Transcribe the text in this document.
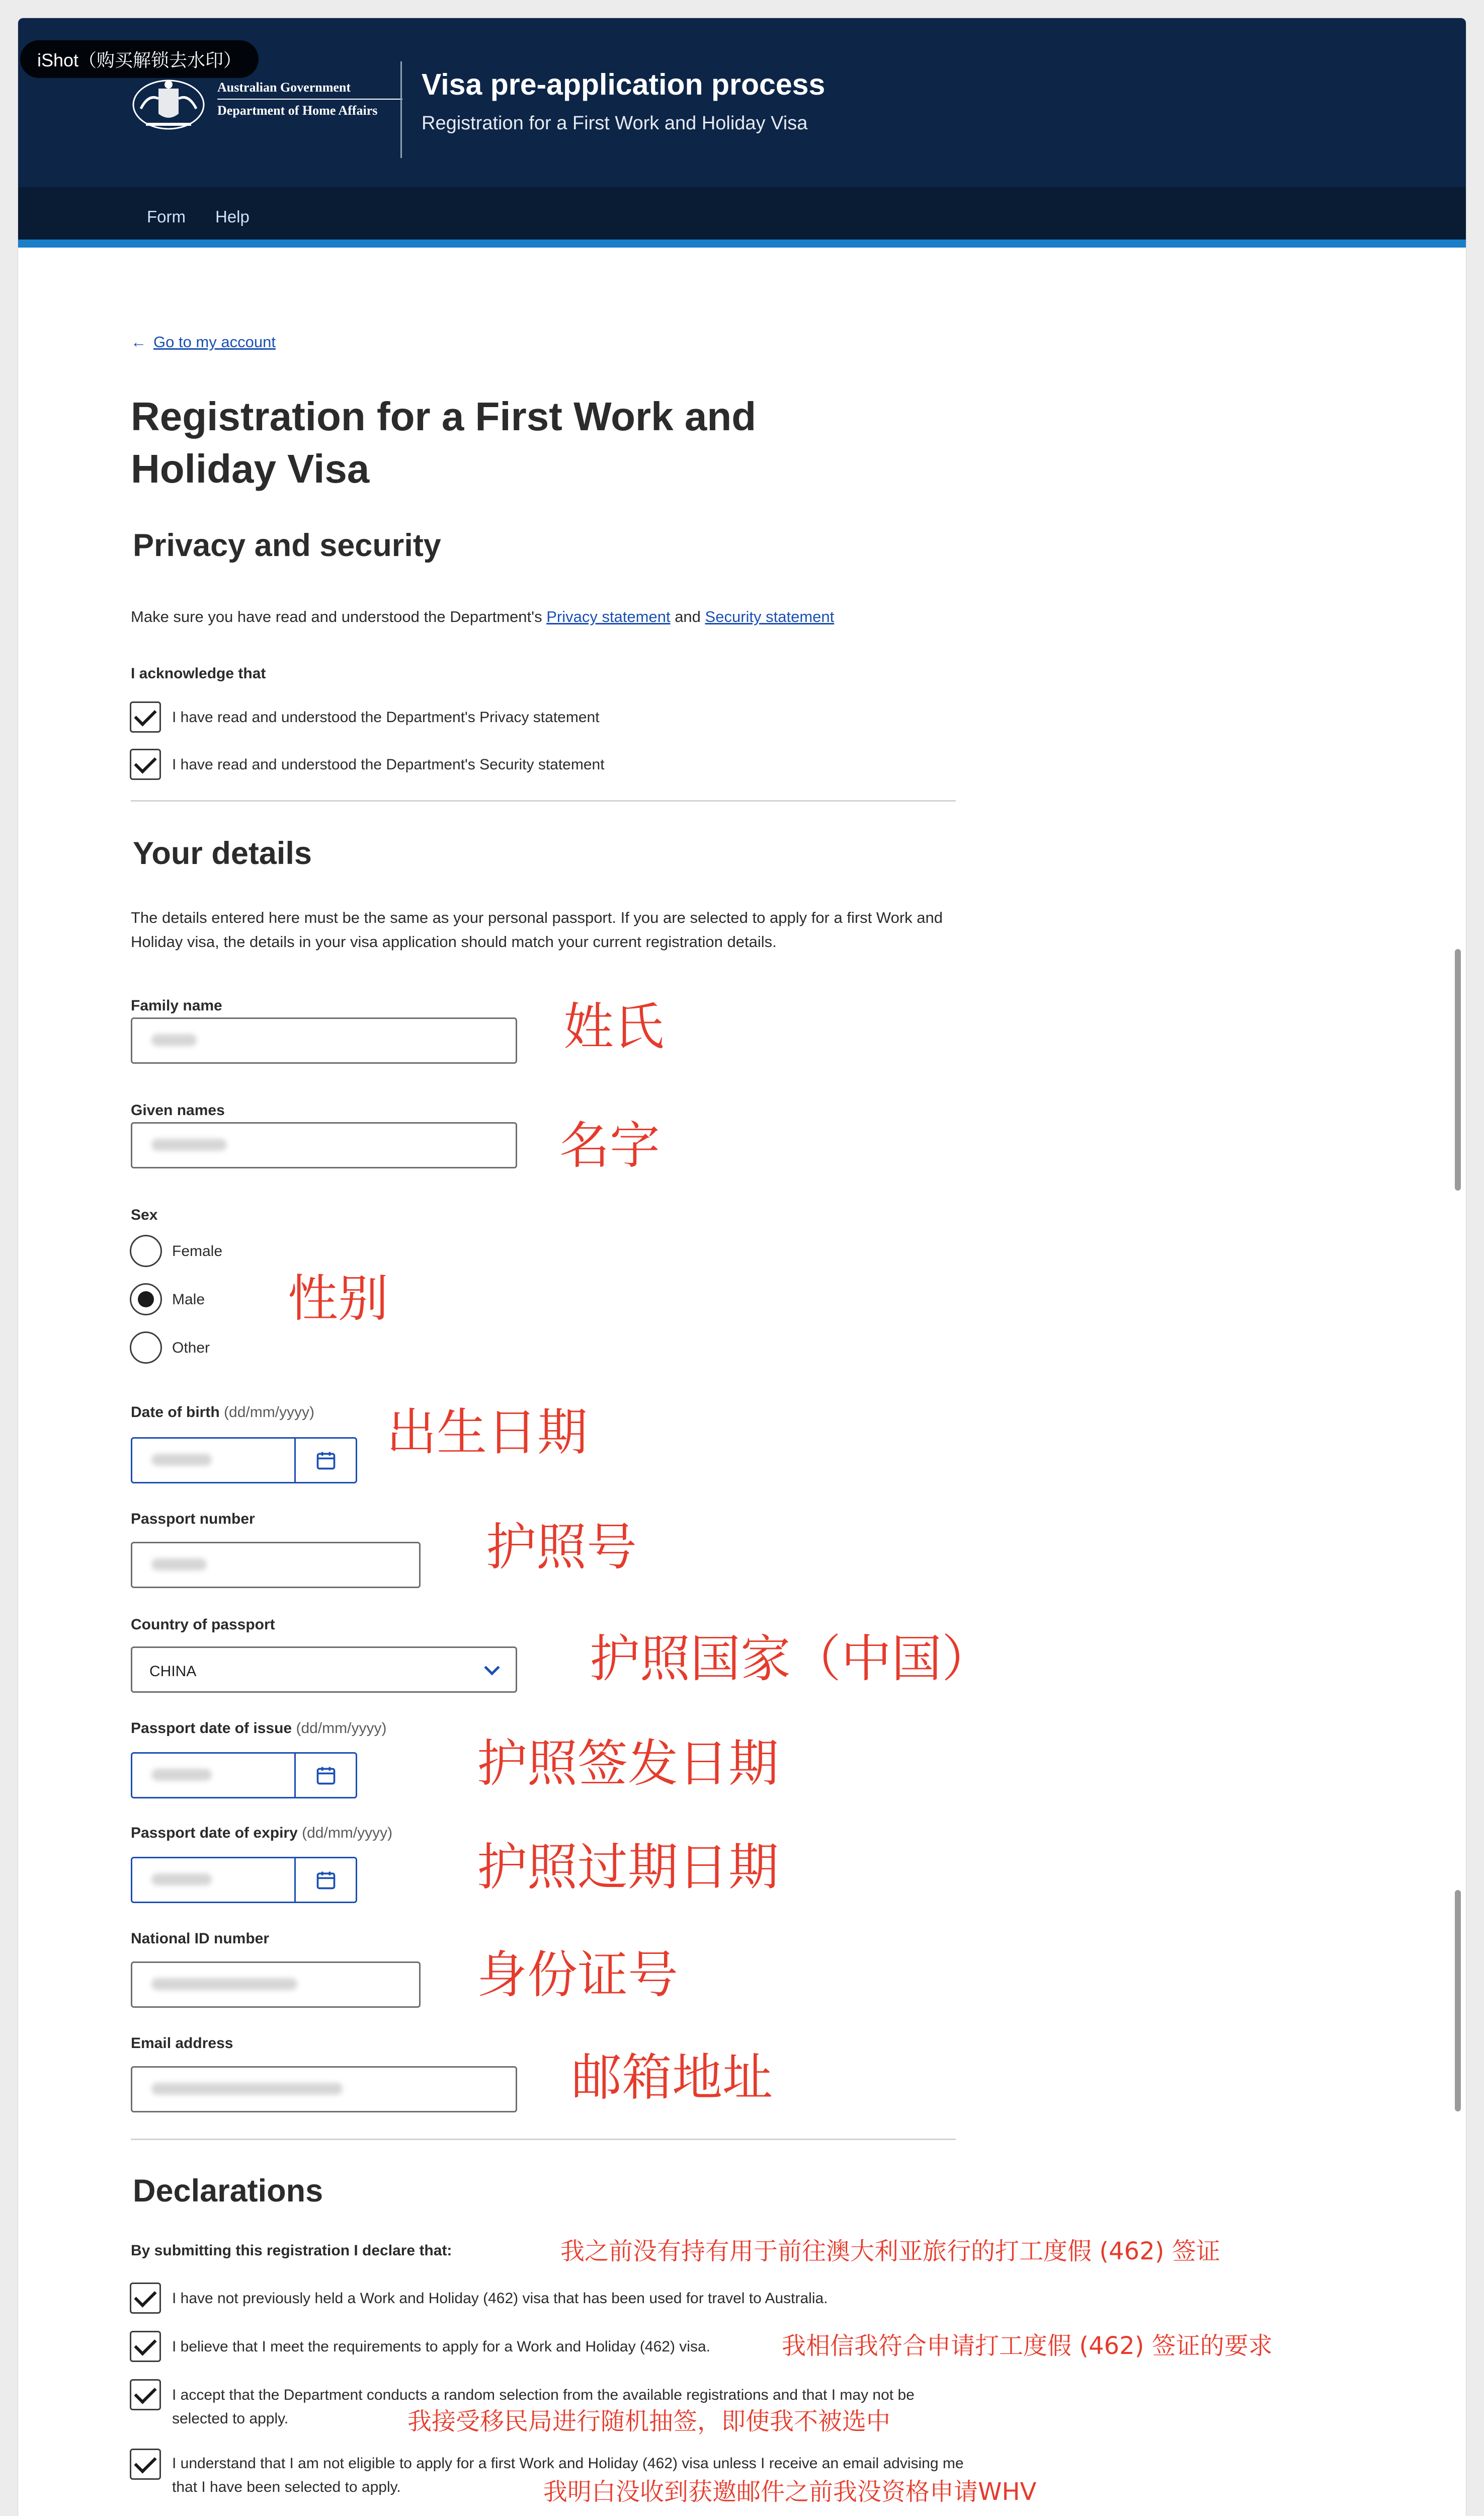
iShot（购买解锁去水印）
Australian Government
Department of Home Affairs
Visa pre-application process
Registration for a First Work and Holiday Visa
Form Help
← Go to my account
Registration for a First Work and Holiday Visa
Privacy and security
Make sure you have read and understood the Department's Privacy statement and Security statement
I acknowledge that
I have read and understood the Department's Privacy statement
I have read and understood the Department's Security statement
Your details
The details entered here must be the same as your personal passport. If you are selected to apply for a first Work and Holiday visa, the details in your visa application should match your current registration details.
Family name	姓氏
Given names
名字
Sex
Female
Male
Other
性别
Date of birth (dd/mm/yyyy) 出生日期
Passport number	护照号
Country of passport
CHINA	护照国家（中国）
Passport date of issue (dd/mm/yyyy)
护照签发日期
Passport date of expiry (dd/mm/yyyy)
护照过期日期
National ID number
身份证号
Email address
邮箱地址
Declarations
By submitting this registration I declare that:	我之前没有持有用于前往澳大利亚旅行的打工度假 (462) 签证
I have not previously held a Work and Holiday (462) visa that has been used for travel to Australia.
I believe that I meet the requirements to apply for a Work and Holiday (462) visa.	我相信我符合申请打工度假 (462) 签证的要求
I accept that the Department conducts a random selection from the available registrations and that I may not be selected to apply.	我接受移民局进行随机抽签，即使我不被选中
I understand that I am not eligible to apply for a first Work and Holiday (462) visa unless I receive an email advising me that I have been selected to apply.	我明白没收到获邀邮件之前我没资格申请WHV
